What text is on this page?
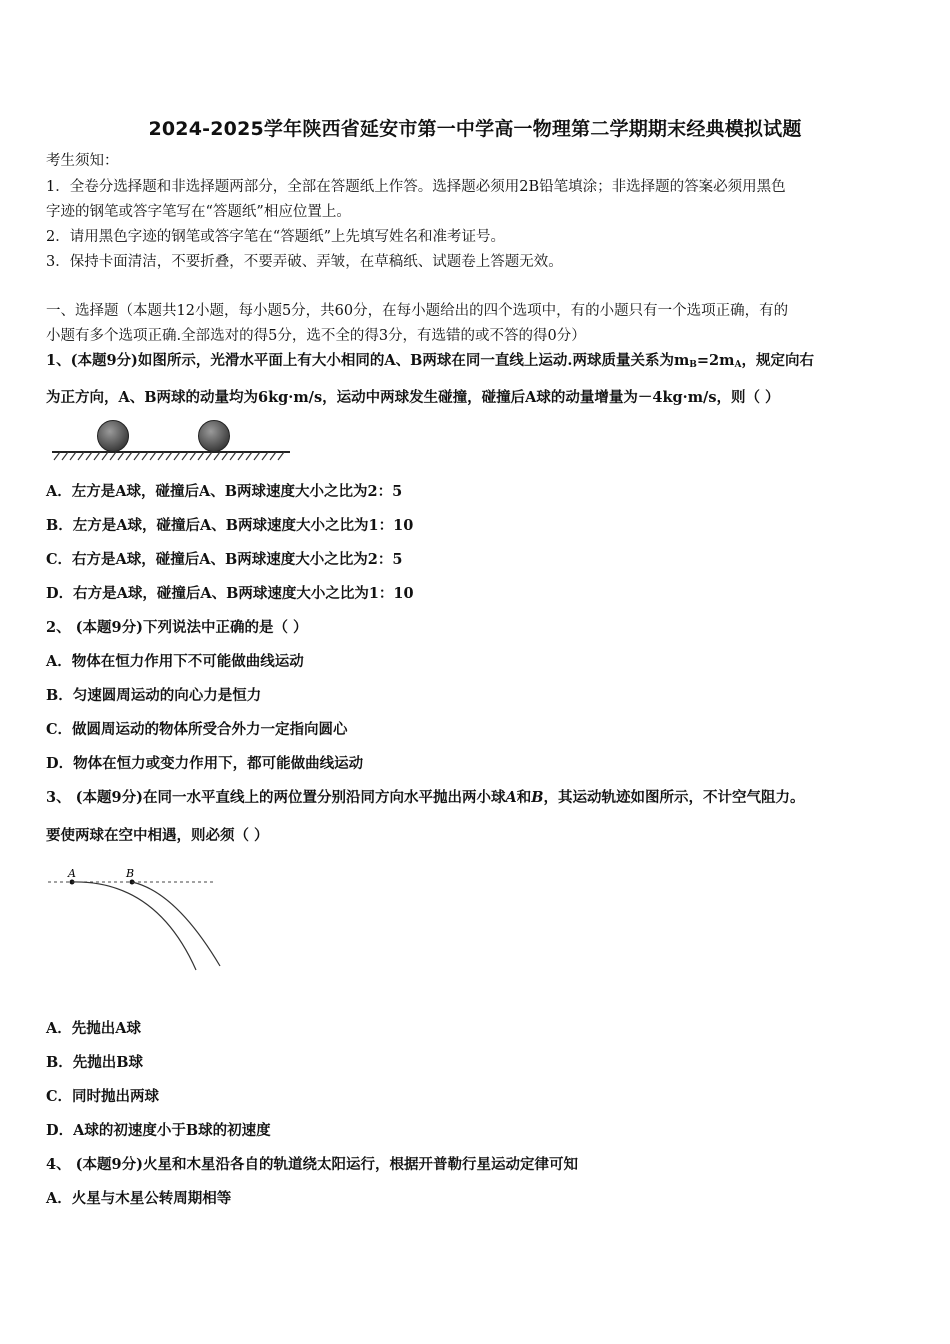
2024-2025学年陕西省延安市第一中学高一物理第二学期期末经典模拟试题
考生须知：
1．全卷分选择题和非选择题两部分，全部在答题纸上作答。选择题必须用2B铅笔填涂；非选择题的答案必须用黑色
字迹的钢笔或答字笔写在“答题纸”相应位置上。
2．请用黑色字迹的钢笔或答字笔在“答题纸”上先填写姓名和准考证号。
3．保持卡面清洁，不要折叠，不要弄破、弄皱，在草稿纸、试题卷上答题无效。
一、选择题（本题共12小题，每小题5分，共60分，在每小题给出的四个选项中，有的小题只有一个选项正确，有的
小题有多个选项正确.全部选对的得5分，选不全的得3分，有选错的或不答的得0分）
1、(本题9分)如图所示，光滑水平面上有大小相同的A、B两球在同一直线上运动.两球质量关系为$m_B=2m_A$，规定向右
为正方向，A、B两球的动量均为6kg·m/s，运动中两球发生碰撞，碰撞后A球的动量增量为－4kg·m/s，则（ ）
A．左方是A球，碰撞后A、B两球速度大小之比为2：5
B．左方是A球，碰撞后A、B两球速度大小之比为1：10
C．右方是A球，碰撞后A、B两球速度大小之比为2：5
D．右方是A球，碰撞后A、B两球速度大小之比为1：10
2、 (本题9分)下列说法中正确的是（ ）
A．物体在恒力作用下不可能做曲线运动
B．匀速圆周运动的向心力是恒力
C．做圆周运动的物体所受合外力一定指向圆心
D．物体在恒力或变力作用下，都可能做曲线运动
3、 (本题9分)在同一水平直线上的两位置分别沿同方向水平抛出两小球A和B，其运动轨迹如图所示，不计空气阻力。
要使两球在空中相遇，则必须（ ）
A	B
A．先抛出A球
B．先抛出B球
C．同时抛出两球
D．A球的初速度小于B球的初速度
4、 (本题9分)火星和木星沿各自的轨道绕太阳运行，根据开普勒行星运动定律可知
A．火星与木星公转周期相等
